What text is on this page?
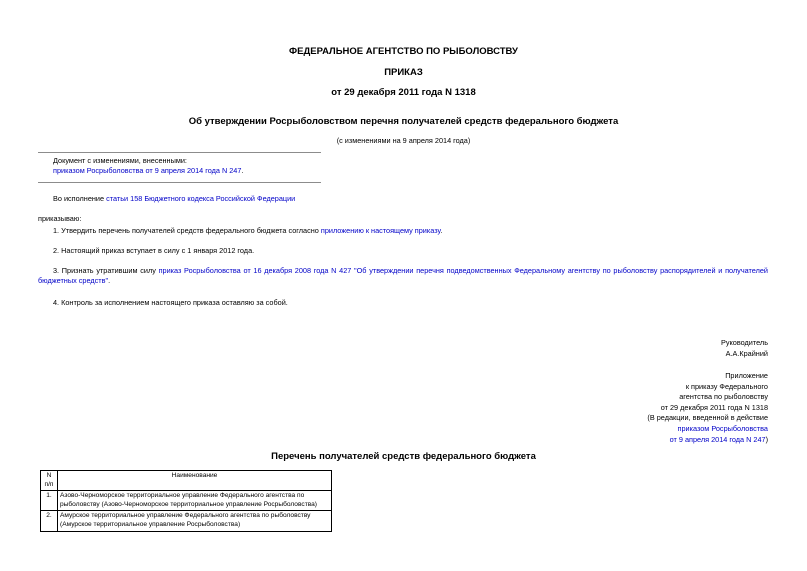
ФЕДЕРАЛЬНОЕ АГЕНТСТВО ПО РЫБОЛОВСТВУ
ПРИКАЗ
от 29 декабря 2011 года N 1318
Об утверждении Росрыболовством перечня получателей средств федерального бюджета
(с изменениями на 9 апреля 2014 года)
Документ с изменениями, внесенными:
приказом Росрыболовства от 9 апреля 2014 года N 247.
Во исполнение статьи 158 Бюджетного кодекса Российской Федерации
приказываю:
1. Утвердить перечень получателей средств федерального бюджета согласно приложению к настоящему приказу.
2. Настоящий приказ вступает в силу с 1 января 2012 года.
3. Признать утратившим силу приказ Росрыболовства от 16 декабря 2008 года N 427 "Об утверждении перечня подведомственных Федеральному агентству по рыболовству распорядителей и получателей бюджетных средств".
4. Контроль за исполнением настоящего приказа оставляю за собой.
Руководитель
А.А.Крайний
Приложение
к приказу Федерального
агентства по рыболовству
от 29 декабря 2011 года N 1318
(В редакции, введенной в действие
приказом Росрыболовства
от 9 апреля 2014 года N 247)
Перечень получателей средств федерального бюджета
N
п/п	Наименование
1.	Азово-Черноморское территориальное управление Федерального агентства по рыболовству (Азово-Черноморское территориальное управление Росрыболовства)
2.	Амурское территориальное управление Федерального агентства по рыболовству (Амурское территориальное управление Росрыболовства)
